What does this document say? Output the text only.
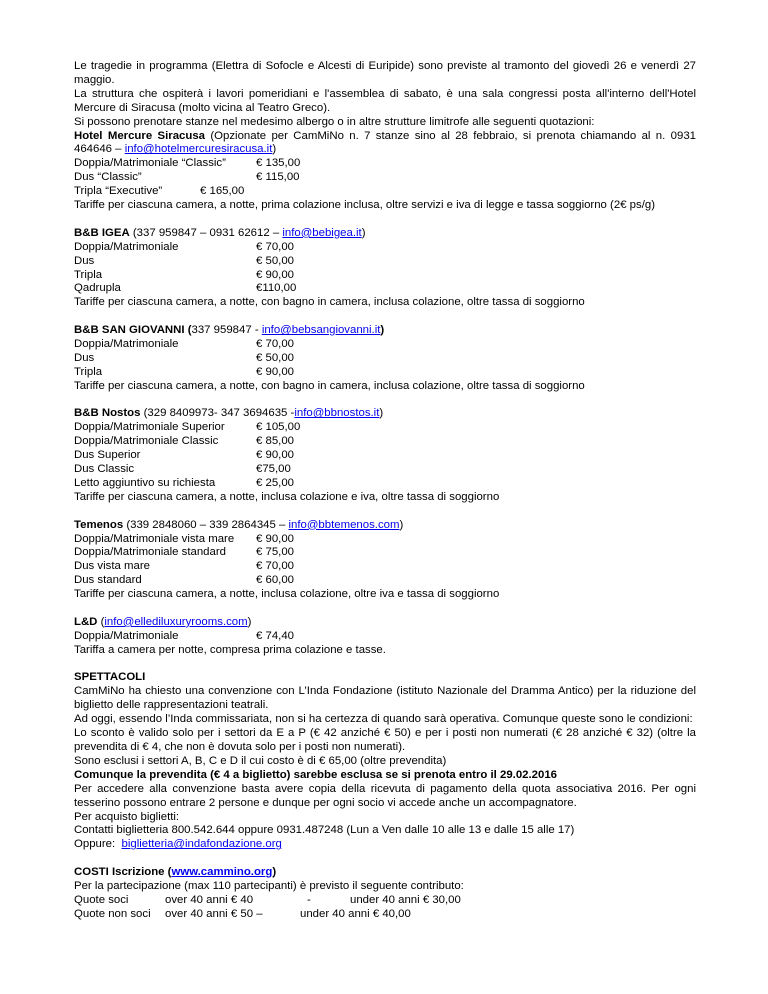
Le tragedie in programma (Elettra di Sofocle e Alcesti di Euripide) sono previste al tramonto del giovedì 26 e venerdì 27 maggio.

La struttura che ospiterà i lavori pomeridiani e l'assemblea di sabato, è una sala congressi posta all'interno dell'Hotel Mercure di Siracusa (molto vicina al Teatro Greco).

Si possono prenotare stanze nel medesimo albergo o in altre strutture limitrofe alle seguenti quotazioni:

Hotel Mercure Siracusa (Opzionate per CamMiNo n. 7 stanze sino al 28 febbraio, si prenota chiamando al n. 0931 464646 – info@hotelmercuresiracusa.it)

Doppia/Matrimoniale “Classic”	€ 135,00
Dus “Classic”	€ 115,00
Tripla “Executive”	€ 165,00

Tariffe per ciascuna camera, a notte, prima colazione inclusa, oltre servizi e iva di legge e tassa soggiorno (2€ ps/g)

B&B IGEA (337 959847 – 0931 62612 – info@bebigea.it)

Doppia/Matrimoniale	€ 70,00
Dus	€ 50,00
Tripla	€ 90,00
Qadrupla	€110,00

Tariffe per ciascuna camera, a notte, con bagno in camera, inclusa colazione, oltre tassa di soggiorno

B&B SAN GIOVANNI (337 959847 - info@bebsangiovanni.it)

Doppia/Matrimoniale	€ 70,00
Dus	€ 50,00
Tripla	€ 90,00

Tariffe per ciascuna camera, a notte, con bagno in camera, inclusa colazione, oltre tassa di soggiorno

B&B Nostos (329 8409973- 347 3694635 -info@bbnostos.it)

Doppia/Matrimoniale Superior	€ 105,00
Doppia/Matrimoniale Classic	€ 85,00
Dus Superior	€ 90,00
Dus Classic	€75,00
Letto aggiuntivo su richiesta	€ 25,00

Tariffe per ciascuna camera, a notte, inclusa colazione e iva, oltre tassa di soggiorno

Temenos (339 2848060 – 339 2864345 – info@bbtemenos.com)

Doppia/Matrimoniale vista mare € 90,00
Doppia/Matrimoniale standard	€ 75,00
Dus vista mare	€ 70,00
Dus standard	€ 60,00

Tariffe per ciascuna camera, a notte, inclusa colazione, oltre iva e tassa di soggiorno

L&D (info@ellediluxuryrooms.com)

Doppia/Matrimoniale	€ 74,40

Tariffa a camera per notte, compresa prima colazione e tasse.

SPETTACOLI

CamMiNo ha chiesto una convenzione con L’Inda Fondazione (istituto Nazionale del Dramma Antico) per la riduzione del biglietto delle rappresentazioni teatrali.

Ad oggi, essendo l’Inda commissariata, non si ha certezza di quando sarà operativa. Comunque queste sono le condizioni:

Lo sconto è valido solo per i settori da E a P (€ 42 anziché € 50) e per i posti non numerati (€ 28 anziché € 32) (oltre la prevendita di € 4, che non è dovuta solo per i posti non numerati).

Sono esclusi i settori A, B, C e D il cui costo è di € 65,00 (oltre prevendita)

Comunque la prevendita (€ 4 a biglietto) sarebbe esclusa se si prenota entro il 29.02.2016

Per accedere alla convenzione basta avere copia della ricevuta di pagamento della quota associativa 2016. Per ogni tesserino possono entrare 2 persone e dunque per ogni socio vi accede anche un accompagnatore.

Per acquisto biglietti:

Contatti biglietteria 800.542.644 oppure 0931.487248 (Lun a Ven dalle 10 alle 13 e dalle 15 alle 17)

Oppure:  biglietteria@indafondazione.org

COSTI Iscrizione (www.cammino.org)

Per la partecipazione (max 110 partecipanti) è previsto il seguente contributo:

Quote soci	over 40 anni € 40	-	under 40 anni € 30,00
Quote non soci over 40 anni € 50 –	under 40 anni € 40,00
